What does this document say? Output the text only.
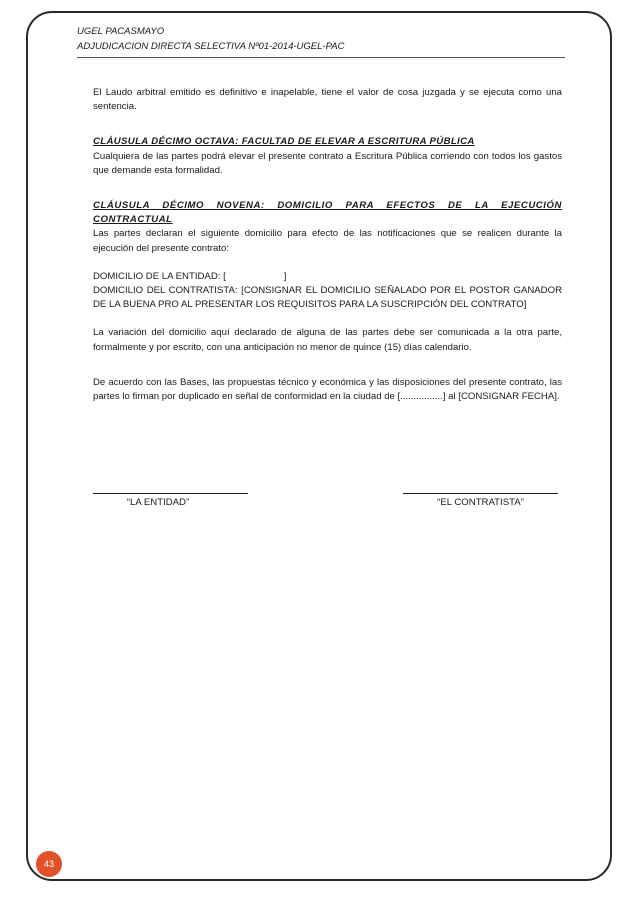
UGEL PACASMAYO
ADJUDICACION DIRECTA SELECTIVA Nº01-2014-UGEL-PAC

El Laudo arbitral emitido es definitivo e inapelable, tiene el valor de cosa juzgada y se ejecuta como una sentencia.

CLÁUSULA DÉCIMO OCTAVA: FACULTAD DE ELEVAR A ESCRITURA PÚBLICA

Cualquiera de las partes podrá elevar el presente contrato a Escritura Pública corriendo con todos los gastos que demande esta formalidad.

CLÁUSULA DÉCIMO NOVENA: DOMICILIO PARA EFECTOS DE LA EJECUCIÓN CONTRACTUAL

Las partes declaran el siguiente domicilio para efecto de las notificaciones que se realicen durante la ejecución del presente contrato:

DOMICILIO DE LA ENTIDAD: [	]

DOMICILIO DEL CONTRATISTA: [CONSIGNAR EL DOMICILIO SEÑALADO POR EL POSTOR GANADOR DE LA BUENA PRO AL PRESENTAR LOS REQUISITOS PARA LA SUSCRIPCIÓN DEL CONTRATO]

La variación del domicilio aquí declarado de alguna de las partes debe ser comunicada a la otra parte, formalmente y por escrito, con una anticipación no menor de quince (15) días calendario.

De acuerdo con las Bases, las propuestas técnico y económica y las disposiciones del presente contrato, las partes lo firman por duplicado en señal de conformidad en la ciudad de [................] al [CONSIGNAR FECHA].

“LA ENTIDAD”	“EL CONTRATISTA”
43
